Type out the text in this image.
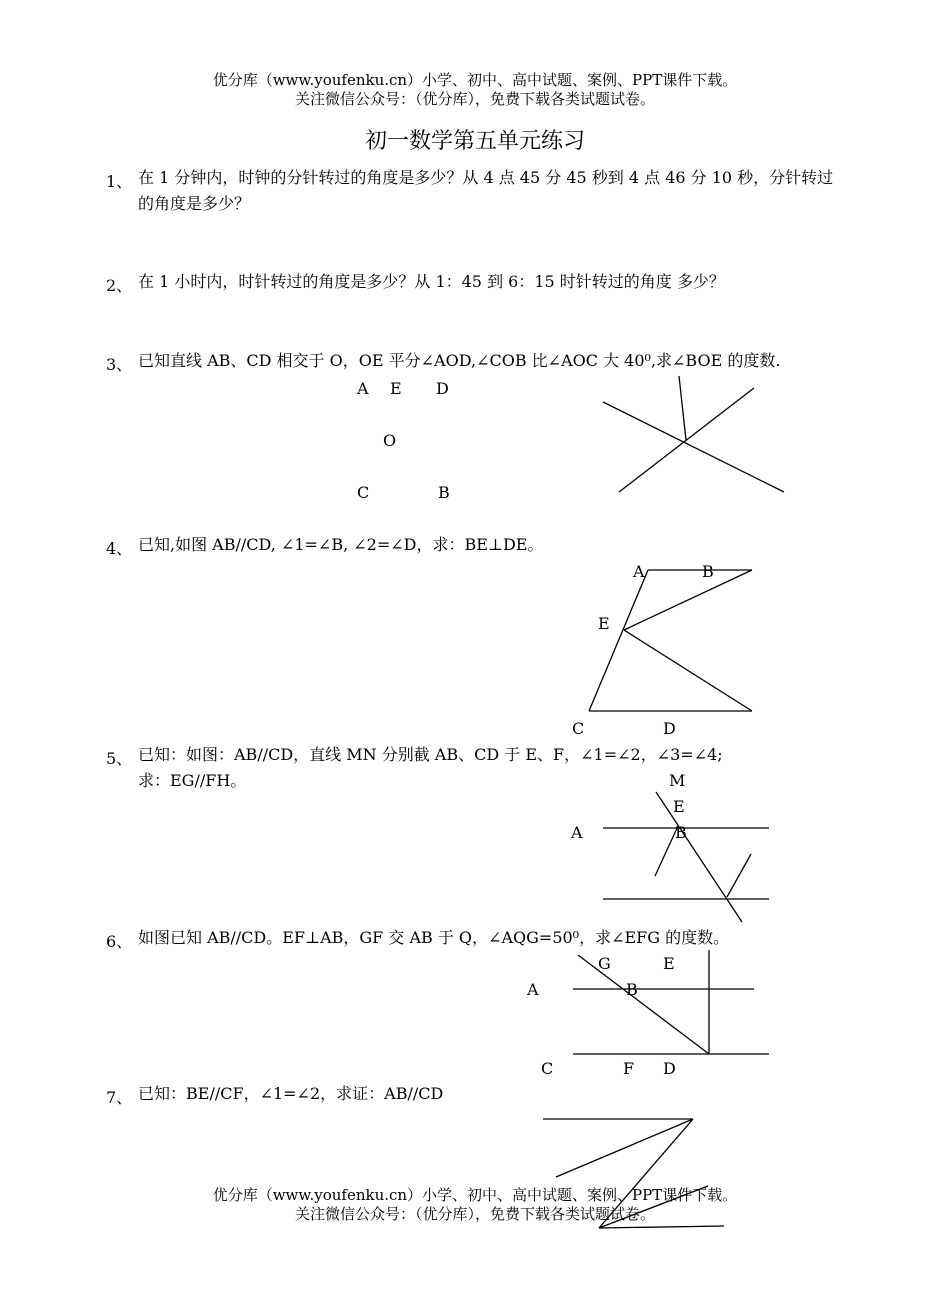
优分库（www.youfenku.cn）小学、初中、高中试题、案例、PPT课件下载。
关注微信公众号：（优分库），免费下载各类试题试卷。
初一数学第五单元练习
1、 在 1 分钟内，时钟的分针转过的角度是多少？从 4 点 45 分 45 秒到 4 点 46 分 10 秒，分针转过
的角度是多少？
2、 在 1 小时内，时针转过的角度是多少？从 1：45 到 6：15 时针转过的角度 多少？
3、 已知直线 AB、CD 相交于 O，OE 平分∠AOD,∠COB 比∠AOC 大 40⁰,求∠BOE 的度数.
A E D
O
C	B
4、 已知,如图 AB//CD, ∠1=∠B, ∠2=∠D，求：BE⊥DE。
A	B
E
C	D
5、 已知：如图：AB//CD，直线 MN 分别截 AB、CD 于 E、F，∠1=∠2，∠3=∠4;
求：EG//FH。	M
E
A	B
6、 如图已知 AB//CD。EF⊥AB，GF 交 AB 于 Q，∠AQG=50⁰，求∠EFG 的度数。
G	E
A	B
C	F D
7、 已知：BE//CF，∠1=∠2，求证：AB//CD
优分库（www.youfenku.cn）小学、初中、高中试题、案例、PPT课件下载。
关注微信公众号：（优分库），免费下载各类试题试卷。
